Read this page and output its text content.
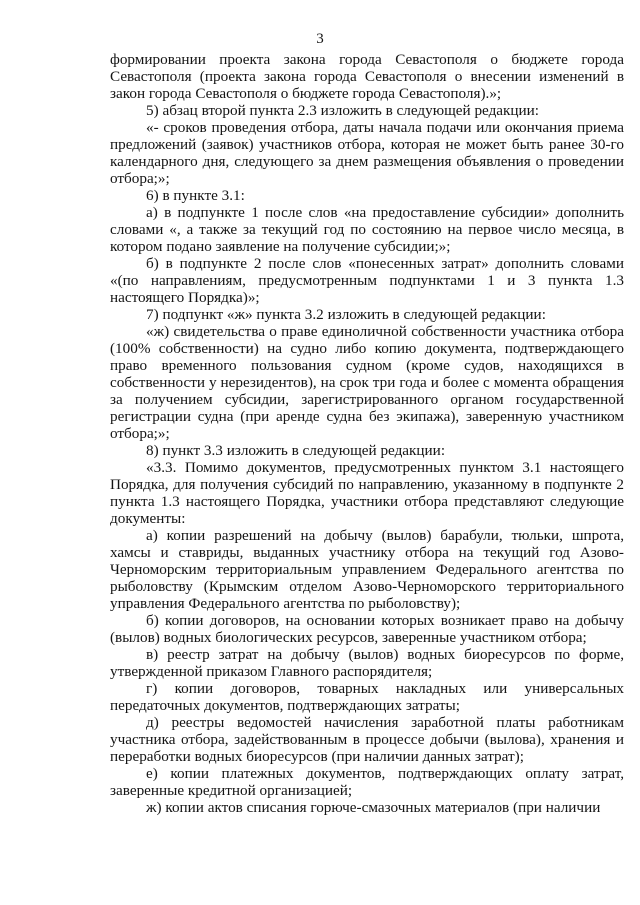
3

формировании проекта закона города Севастополя о бюджете города Севастополя (проекта закона города Севастополя о внесении изменений в закон города Севастополя о бюджете города Севастополя).»;

5) абзац второй пункта 2.3 изложить в следующей редакции:

«- сроков проведения отбора, даты начала подачи или окончания приема предложений (заявок) участников отбора, которая не может быть ранее 30-го календарного дня, следующего за днем размещения объявления о проведении отбора;»;

6) в пункте 3.1:

а) в подпункте 1 после слов «на предоставление субсидии» дополнить словами «, а также за текущий год по состоянию на первое число месяца, в котором подано заявление на получение субсидии;»;

б) в подпункте 2 после слов «понесенных затрат» дополнить словами «(по направлениям, предусмотренным подпунктами 1 и 3 пункта 1.3 настоящего Порядка)»;

7) подпункт «ж» пункта 3.2 изложить в следующей редакции:

«ж) свидетельства о праве единоличной собственности участника отбора (100% собственности) на судно либо копию документа, подтверждающего право временного пользования судном (кроме судов, находящихся в собственности у нерезидентов), на срок три года и более с момента обращения за получением субсидии, зарегистрированного органом государственной регистрации судна (при аренде судна без экипажа), заверенную участником отбора;»;

8) пункт 3.3 изложить в следующей редакции:

«3.3. Помимо документов, предусмотренных пунктом 3.1 настоящего Порядка, для получения субсидий по направлению, указанному в подпункте 2 пункта 1.3 настоящего Порядка, участники отбора представляют следующие документы:

а) копии разрешений на добычу (вылов) барабули, тюльки, шпрота, хамсы и ставриды, выданных участнику отбора на текущий год Азово-Черноморским территориальным управлением Федерального агентства по рыболовству (Крымским отделом Азово-Черноморского территориального управления Федерального агентства по рыболовству);

б) копии договоров, на основании которых возникает право на добычу (вылов) водных биологических ресурсов, заверенные участником отбора;

в) реестр затрат на добычу (вылов) водных биоресурсов по форме, утвержденной приказом Главного распорядителя;

г) копии договоров, товарных накладных или универсальных передаточных документов, подтверждающих затраты;

д) реестры ведомостей начисления заработной платы работникам участника отбора, задействованным в процессе добычи (вылова), хранения и переработки водных биоресурсов (при наличии данных затрат);

е) копии платежных документов, подтверждающих оплату затрат, заверенные кредитной организацией;

ж) копии актов списания горюче-смазочных материалов (при наличии
